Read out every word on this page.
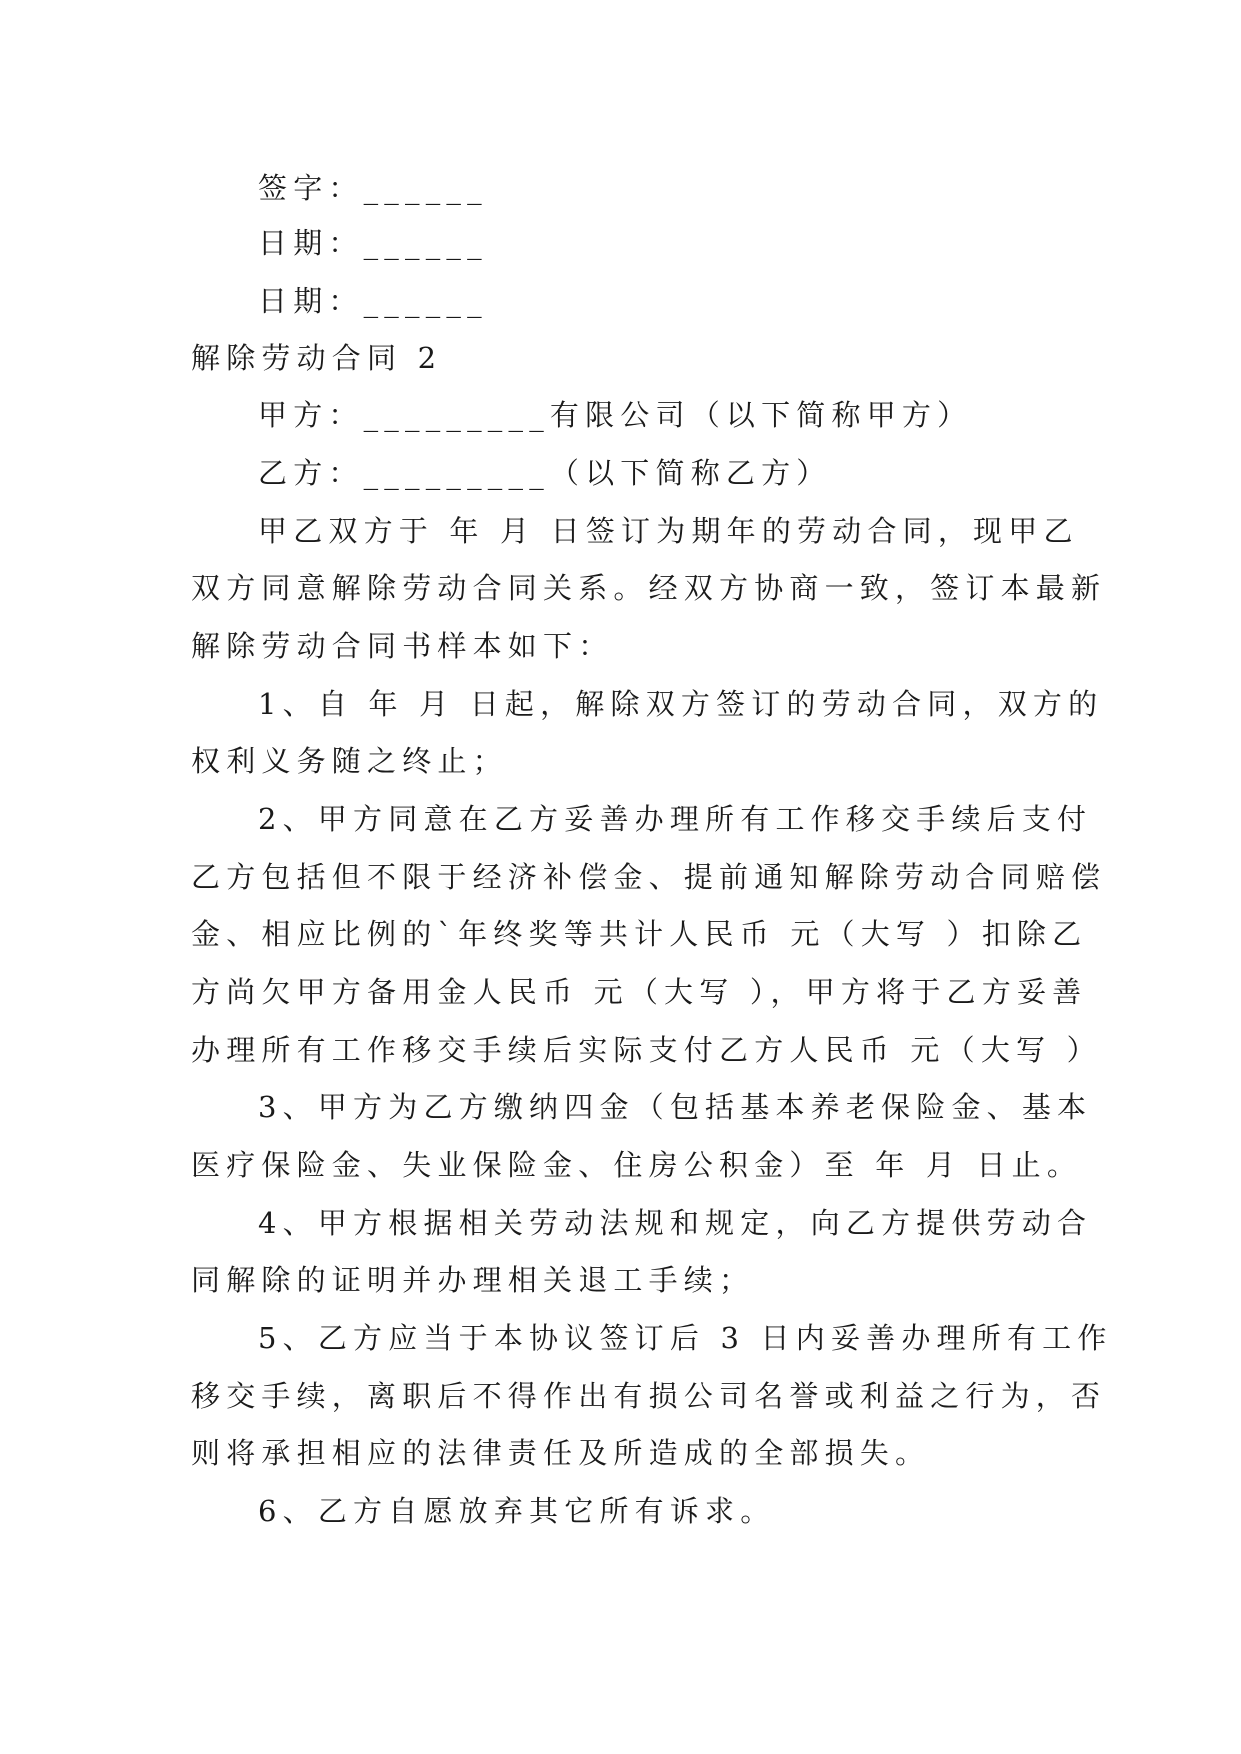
签字：______
日期：______
日期：______
解除劳动合同 2
甲方：_________有限公司（以下简称甲方）
乙方：_________（以下简称乙方）
甲乙双方于 年 月 日签订为期年的劳动合同，现甲乙
双方同意解除劳动合同关系。经双方协商一致，签订本最新
解除劳动合同书样本如下：
1、自 年 月 日起，解除双方签订的劳动合同，双方的
权利义务随之终止；
2、甲方同意在乙方妥善办理所有工作移交手续后支付
乙方包括但不限于经济补偿金、提前通知解除劳动合同赔偿
金、相应比例的`年终奖等共计人民币 元（大写 ）扣除乙
方尚欠甲方备用金人民币 元（大写 ），甲方将于乙方妥善
办理所有工作移交手续后实际支付乙方人民币 元（大写 ）
3、甲方为乙方缴纳四金（包括基本养老保险金、基本
医疗保险金、失业保险金、住房公积金）至 年 月 日止。
4、甲方根据相关劳动法规和规定，向乙方提供劳动合
同解除的证明并办理相关退工手续；
5、乙方应当于本协议签订后 3 日内妥善办理所有工作
移交手续，离职后不得作出有损公司名誉或利益之行为，否
则将承担相应的法律责任及所造成的全部损失。
6、乙方自愿放弃其它所有诉求。
